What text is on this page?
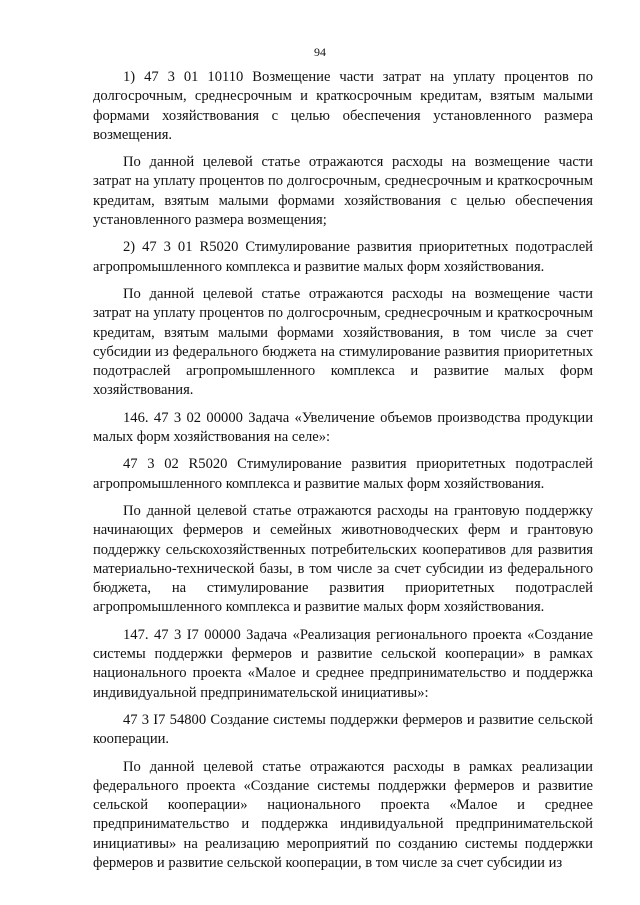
94

1) 47 3 01 10110 Возмещение части затрат на уплату процентов по долгосрочным, среднесрочным и краткосрочным кредитам, взятым малыми формами хозяйствования с целью обеспечения установленного размера возмещения.

По данной целевой статье отражаются расходы на возмещение части затрат на уплату процентов по долгосрочным, среднесрочным и краткосрочным кредитам, взятым малыми формами хозяйствования с целью обеспечения установленного размера возмещения;

2) 47 3 01 R5020 Стимулирование развития приоритетных подотраслей агропромышленного комплекса и развитие малых форм хозяйствования.

По данной целевой статье отражаются расходы на возмещение части затрат на уплату процентов по долгосрочным, среднесрочным и краткосрочным кредитам, взятым малыми формами хозяйствования, в том числе за счет субсидии из федерального бюджета на стимулирование развития приоритетных подотраслей агропромышленного комплекса и развитие малых форм хозяйствования.

146. 47 3 02 00000 Задача «Увеличение объемов производства продукции малых форм хозяйствования на селе»:

47 3 02 R5020 Стимулирование развития приоритетных подотраслей агропромышленного комплекса и развитие малых форм хозяйствования.

По данной целевой статье отражаются расходы на грантовую поддержку начинающих фермеров и семейных животноводческих ферм и грантовую поддержку сельскохозяйственных потребительских кооперативов для развития материально-технической базы, в том числе за счет субсидии из федерального бюджета, на стимулирование развития приоритетных подотраслей агропромышленного комплекса и развитие малых форм хозяйствования.

147. 47 3 I7 00000 Задача «Реализация регионального проекта «Создание системы поддержки фермеров и развитие сельской кооперации» в рамках национального проекта «Малое и среднее предпринимательство и поддержка индивидуальной предпринимательской инициативы»:

47 3 I7 54800 Создание системы поддержки фермеров и развитие сельской кооперации.

По данной целевой статье отражаются расходы в рамках реализации федерального проекта «Создание системы поддержки фермеров и развитие сельской кооперации» национального проекта «Малое и среднее предпринимательство и поддержка индивидуальной предпринимательской инициативы» на реализацию мероприятий по созданию системы поддержки фермеров и развитие сельской кооперации, в том числе за счет субсидии из
